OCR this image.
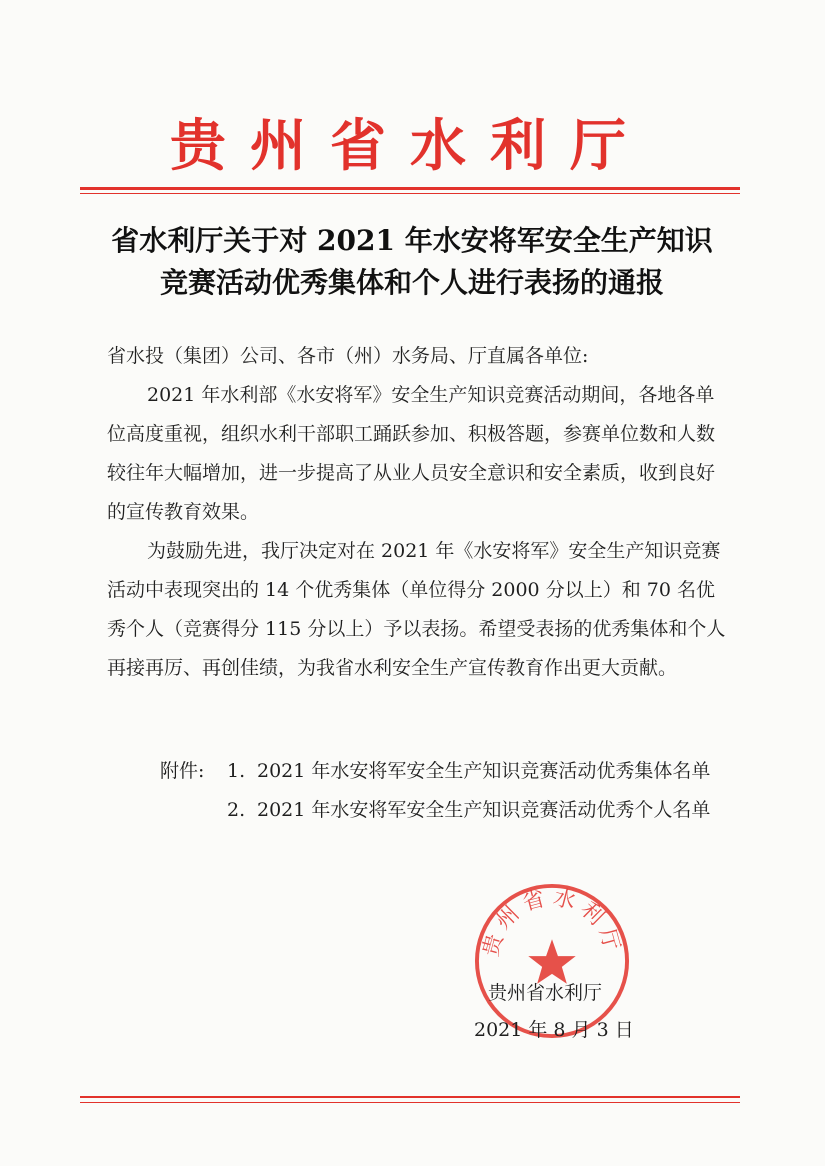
贵州省水利厅
省水利厅关于对 2021 年水安将军安全生产知识
竞赛活动优秀集体和个人进行表扬的通报
省水投（集团）公司、各市（州）水务局、厅直属各单位:
2021 年水利部《水安将军》安全生产知识竞赛活动期间，各地各单位高度重视，组织水利干部职工踊跃参加、积极答题，参赛单位数和人数较往年大幅增加，进一步提高了从业人员安全意识和安全素质，收到良好的宣传教育效果。
为鼓励先进，我厅决定对在 2021 年《水安将军》安全生产知识竞赛活动中表现突出的 14 个优秀集体（单位得分 2000 分以上）和 70 名优秀个人（竞赛得分 115 分以上）予以表扬。希望受表扬的优秀集体和个人再接再厉、再创佳绩，为我省水利安全生产宣传教育作出更大贡献。
附件:	1. 2021 年水安将军安全生产知识竞赛活动优秀集体名单
2. 2021 年水安将军安全生产知识竞赛活动优秀个人名单
贵州省水利厅
贵州省水利厅
2021 年 8 月 3 日
